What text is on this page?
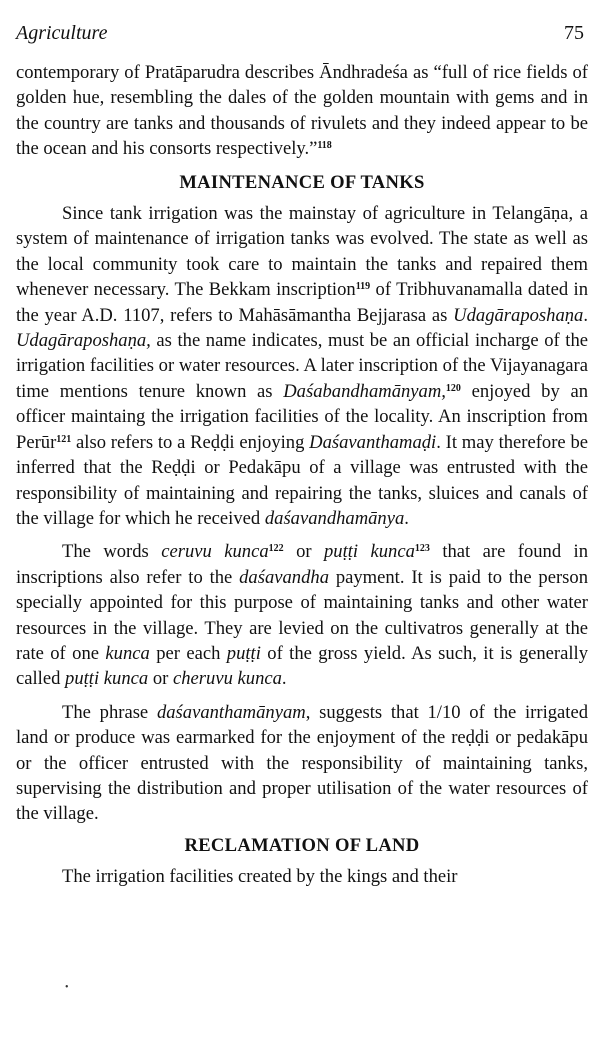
Agriculture	75

contemporary of Pratāparudra describes Āndhradeśa as “full of rice fields of golden hue, resembling the dales of the golden mountain with gems and in the country are tanks and thousands of rivulets and they indeed appear to be the ocean and his consorts respectively.”$^{118}$

MAINTENANCE OF TANKS

Since tank irrigation was the mainstay of agriculture in Telangāṇa, a system of maintenance of irrigation tanks was evolved. The state as well as the local community took care to maintain the tanks and repaired them whenever necessary. The Bekkam inscription$^{119}$ of Tribhuvanamalla dated in the year A.D. 1107, refers to Mahāsāmantha Bejjarasa as Udagāraposhaṇa. Udagāraposhaṇa, as the name indicates, must be an official incharge of the irrigation facilities or water resources. A later inscription of the Vijayanagara time mentions tenure known as Daśabandhamānyam,$^{120}$ enjoyed by an officer maintaing the irrigation facilities of the locality. An inscription from Perūr$^{121}$ also refers to a Reḍḍi enjoying Daśavanthamaḍi. It may therefore be inferred that the Reḍḍi or Pedakāpu of a village was entrusted with the responsibility of maintaining and repairing the tanks, sluices and canals of the village for which he received daśavandhamānya.

The words ceruvu kunca$^{122}$ or puṭṭi kunca$^{123}$ that are found in inscriptions also refer to the daśavandha payment. It is paid to the person specially appointed for this purpose of maintaining tanks and other water resources in the village. They are levied on the cultivatros generally at the rate of one kunca per each puṭṭi of the gross yield. As such, it is generally called puṭṭi kunca or cheruvu kunca.

The phrase daśavanthamānyam, suggests that 1/10 of the irrigated land or produce was earmarked for the enjoyment of the reḍḍi or pedakāpu or the officer entrusted with the responsibility of maintaining tanks, supervising the distribution and proper utilisation of the water resources of the village.

RECLAMATION OF LAND

The irrigation facilities created by the kings and their

•
